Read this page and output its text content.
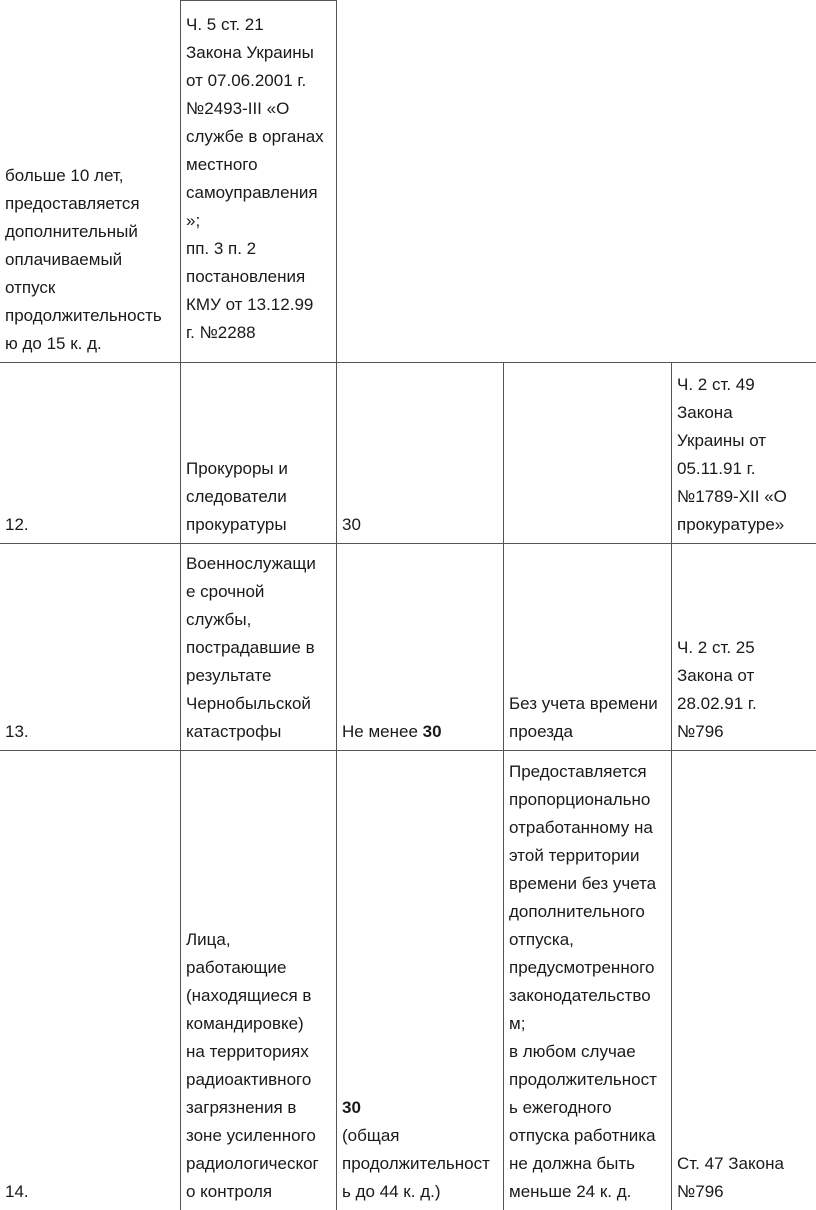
больше 10 лет,
предоставляется
дополнительный
оплачиваемый
отпуск
продолжительность
ю до 15 к. д.
Ч. 5 ст. 21
Закона Украины
от 07.06.2001 г.
№2493-III «О
службе в органах
местного
самоуправления
»;
пп. 3 п. 2
постановления
КМУ от 13.12.99
г. №2288
12.
Прокуроры и
следователи
прокуратуры	30
Ч. 2 ст. 49
Закона
Украины от
05.11.91 г.
№1789-XII «О
прокуратуре»
13.
Военнослужащи
е срочной
службы,
пострадавшие в
результате
Чернобыльской
катастрофы	Не менее 30
Без учета времени
проезда
Ч. 2 ст. 25
Закона от
28.02.91 г.
№796
14.
Лица,
работающие
(находящиеся в
командировке)
на территориях
радиоактивного
загрязнения в
зоне усиленного
радиологическог
о контроля
30
(общая
продолжительност
ь до 44 к. д.)
Предоставляется
пропорционально
отработанному на
этой территории
времени без учета
дополнительного
отпуска,
предусмотренного
законодательство
м;
в любом случае
продолжительност
ь ежегодного
отпуска работника
не должна быть
меньше 24 к. д.
Ст. 47 Закона
№796
